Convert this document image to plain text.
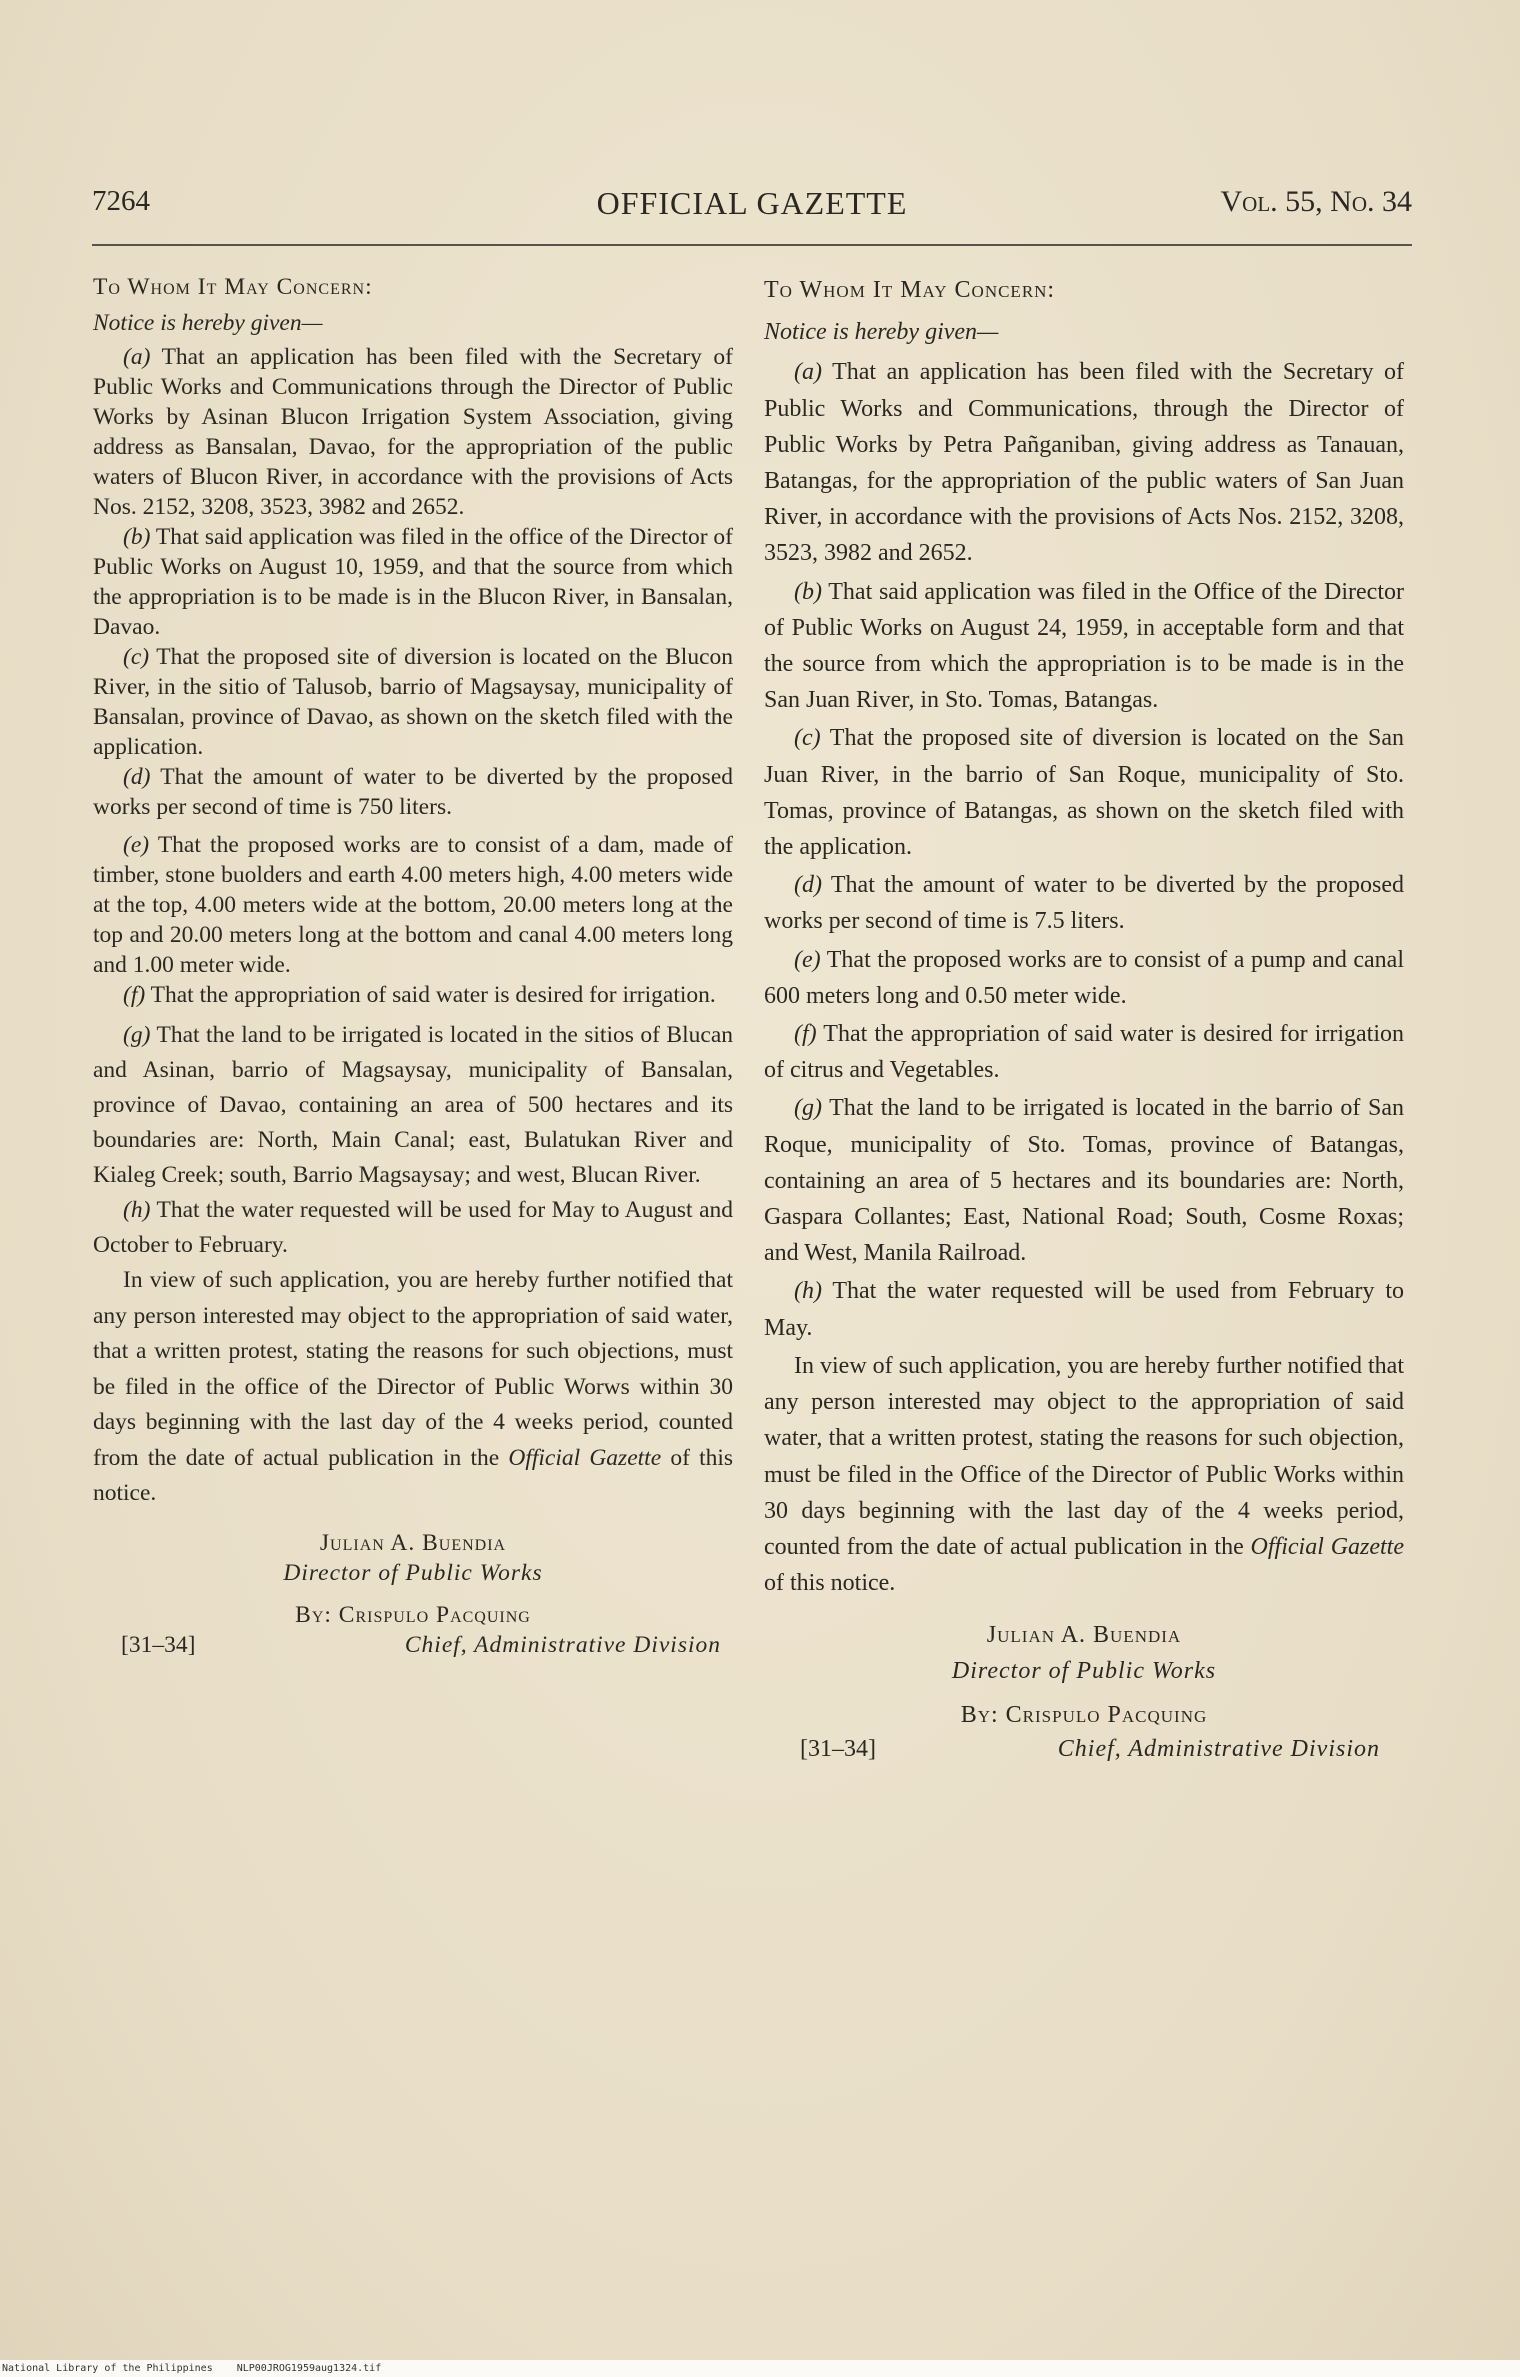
7264	OFFICIAL GAZETTE	Vol. 55, No. 34
To Whom It May Concern:
Notice is hereby given—

(a) That an application has been filed with the Secretary of Public Works and Communications through the Director of Public Works by Asinan Blucon Irrigation System Association, giving address as Bansalan, Davao, for the appropriation of the public waters of Blucon River, in accordance with the provisions of Acts Nos. 2152, 3208, 3523, 3982 and 2652.

(b) That said application was filed in the office of the Director of Public Works on August 10, 1959, and that the source from which the appropriation is to be made is in the Blucon River, in Bansalan, Davao.

(c) That the proposed site of diversion is located on the Blucon River, in the sitio of Talusob, barrio of Magsaysay, municipality of Bansalan, province of Davao, as shown on the sketch filed with the application.

(d) That the amount of water to be diverted by the proposed works per second of time is 750 liters.

(e) That the proposed works are to consist of a dam, made of timber, stone buolders and earth 4.00 meters high, 4.00 meters wide at the top, 4.00 meters wide at the bottom, 20.00 meters long at the top and 20.00 meters long at the bottom and canal 4.00 meters long and 1.00 meter wide.

(f) That the appropriation of said water is desired for irrigation.

(g) That the land to be irrigated is located in the sitios of Blucan and Asinan, barrio of Magsaysay, municipality of Bansalan, province of Davao, containing an area of 500 hectares and its boundaries are: North, Main Canal; east, Bulatukan River and Kialeg Creek; south, Barrio Magsaysay; and west, Blucan River.

(h) That the water requested will be used for May to August and October to February.

In view of such application, you are hereby further notified that any person interested may object to the appropriation of said water, that a written protest, stating the reasons for such objections, must be filed in the office of the Director of Public Worws within 30 days beginning with the last day of the 4 weeks period, counted from the date of actual publication in the Official Gazette of this notice.

Julian A. Buendia
Director of Public Works
By: Crispulo Pacquing
[31–34]	Chief, Administrative Division
To Whom It May Concern:
Notice is hereby given—

(a) That an application has been filed with the Secretary of Public Works and Communications, through the Director of Public Works by Petra Pañganiban, giving address as Tanauan, Batangas, for the appropriation of the public waters of San Juan River, in accordance with the provisions of Acts Nos. 2152, 3208, 3523, 3982 and 2652.

(b) That said application was filed in the Office of the Director of Public Works on August 24, 1959, in acceptable form and that the source from which the appropriation is to be made is in the San Juan River, in Sto. Tomas, Batangas.

(c) That the proposed site of diversion is located on the San Juan River, in the barrio of San Roque, municipality of Sto. Tomas, province of Batangas, as shown on the sketch filed with the application.

(d) That the amount of water to be diverted by the proposed works per second of time is 7.5 liters.

(e) That the proposed works are to consist of a pump and canal 600 meters long and 0.50 meter wide.

(f) That the appropriation of said water is desired for irrigation of citrus and Vegetables.

(g) That the land to be irrigated is located in the barrio of San Roque, municipality of Sto. Tomas, province of Batangas, containing an area of 5 hectares and its boundaries are: North, Gaspara Collantes; East, National Road; South, Cosme Roxas; and West, Manila Railroad.

(h) That the water requested will be used from February to May.

In view of such application, you are hereby further notified that any person interested may object to the appropriation of said water, that a written protest, stating the reasons for such objection, must be filed in the Office of the Director of Public Works within 30 days beginning with the last day of the 4 weeks period, counted from the date of actual publication in the Official Gazette of this notice.

Julian A. Buendia
Director of Public Works
By: Crispulo Pacquing
[31–34]	Chief, Administrative Division
National Library of the Philippines NLP00JROG1959aug1324.tif
